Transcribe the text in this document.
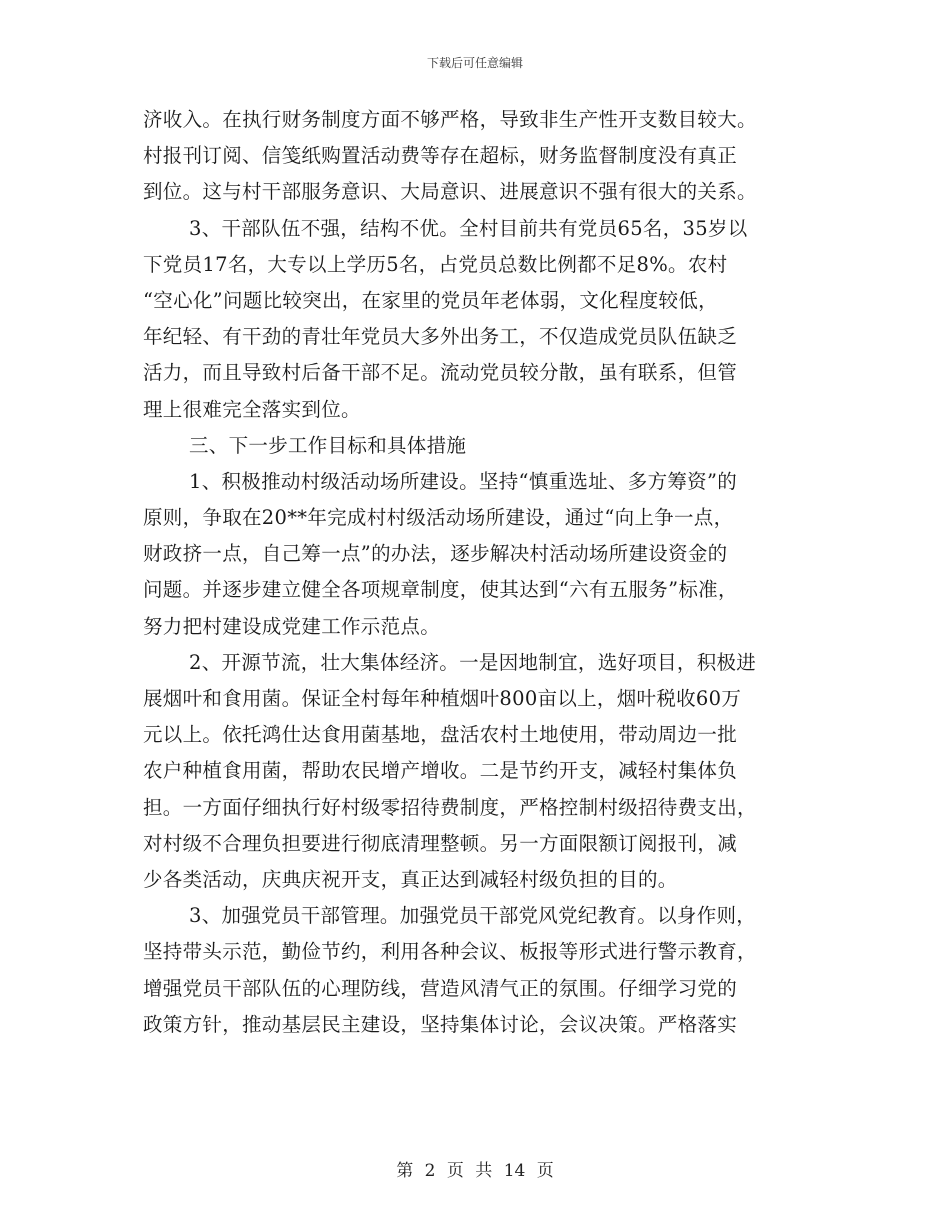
下载后可任意编辑
济收入。在执行财务制度方面不够严格，导致非生产性开支数目较大。
村报刊订阅、信笺纸购置活动费等存在超标，财务监督制度没有真正
到位。这与村干部服务意识、大局意识、进展意识不强有很大的关系。
3、干部队伍不强，结构不优。全村目前共有党员65名，35岁以
下党员17名，大专以上学历5名，占党员总数比例都不足8%。农村
“空心化”问题比较突出，在家里的党员年老体弱，文化程度较低，
年纪轻、有干劲的青壮年党员大多外出务工，不仅造成党员队伍缺乏
活力，而且导致村后备干部不足。流动党员较分散，虽有联系，但管
理上很难完全落实到位。
三、下一步工作目标和具体措施
1、积极推动村级活动场所建设。坚持“慎重选址、多方筹资”的
原则，争取在20**年完成村村级活动场所建设，通过“向上争一点，
财政挤一点，自己筹一点”的办法，逐步解决村活动场所建设资金的
问题。并逐步建立健全各项规章制度，使其达到“六有五服务”标准，
努力把村建设成党建工作示范点。
2、开源节流，壮大集体经济。一是因地制宜，选好项目，积极进
展烟叶和食用菌。保证全村每年种植烟叶800亩以上，烟叶税收60万
元以上。依托鸿仕达食用菌基地，盘活农村土地使用，带动周边一批
农户种植食用菌，帮助农民增产增收。二是节约开支，减轻村集体负
担。一方面仔细执行好村级零招待费制度，严格控制村级招待费支出，
对村级不合理负担要进行彻底清理整顿。另一方面限额订阅报刊，减
少各类活动，庆典庆祝开支，真正达到减轻村级负担的目的。
3、加强党员干部管理。加强党员干部党风党纪教育。以身作则，
坚持带头示范，勤俭节约，利用各种会议、板报等形式进行警示教育，
增强党员干部队伍的心理防线，营造风清气正的氛围。仔细学习党的
政策方针，推动基层民主建设，坚持集体讨论，会议决策。严格落实
第 2 页 共 14 页
